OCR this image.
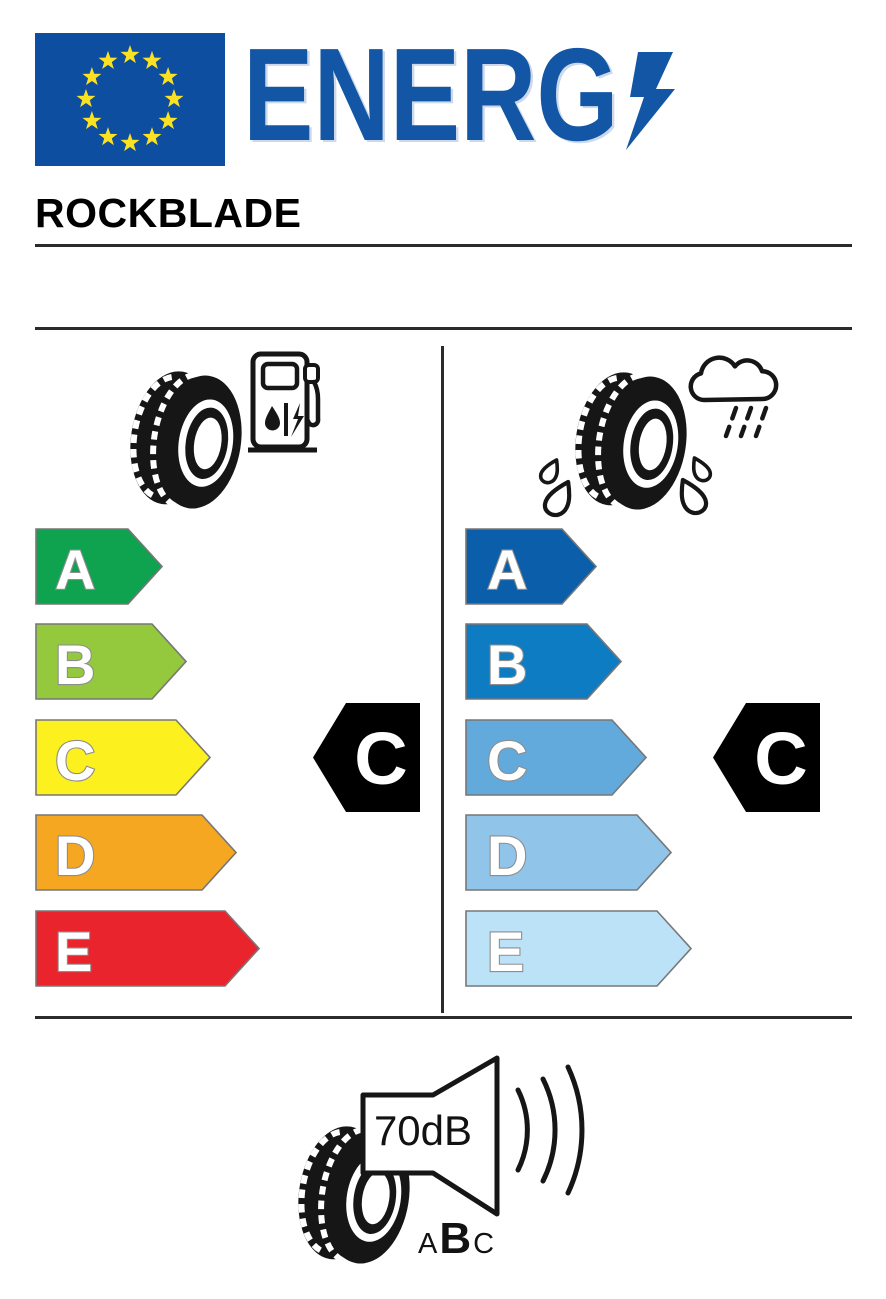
ENERG
ROCKBLADE
A
B
C
D
E
A
B
C
D
E
C	C
70dB
A B C
